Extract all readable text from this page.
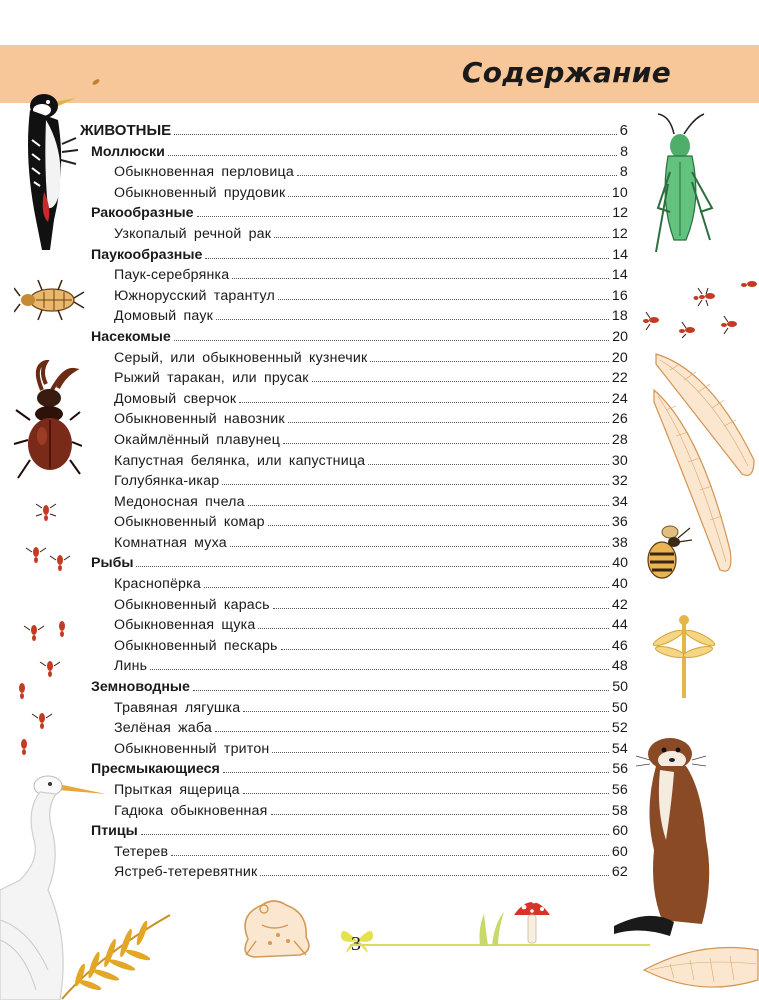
Содержание
ЖИВОТНЫЕ	6
Моллюски	8
Обыкновенная перловица	8
Обыкновенный прудовик	10
Ракообразные	12
Узкопалый речной рак	12
Паукообразные	14
Паук-серебрянка	14
Южнорусский тарантул	16
Домовый паук	18
Насекомые	20
Серый, или обыкновенный кузнечик	20
Рыжий таракан, или прусак	22
Домовый сверчок	24
Обыкновенный навозник	26
Окаймлённый плавунец	28
Капустная белянка, или капустница	30
Голубянка-икар	32
Медоносная пчела	34
Обыкновенный комар	36
Комнатная муха	38
Рыбы	40
Краснопёрка	40
Обыкновенный карась	42
Обыкновенная щука	44
Обыкновенный пескарь	46
Линь	48
Земноводные	50
Травяная лягушка	50
Зелёная жаба	52
Обыкновенный тритон	54
Пресмыкающиеся	56
Прыткая ящерица	56
Гадюка обыкновенная	58
Птицы	60
Тетерев	60
Ястреб-тетеревятник	62
